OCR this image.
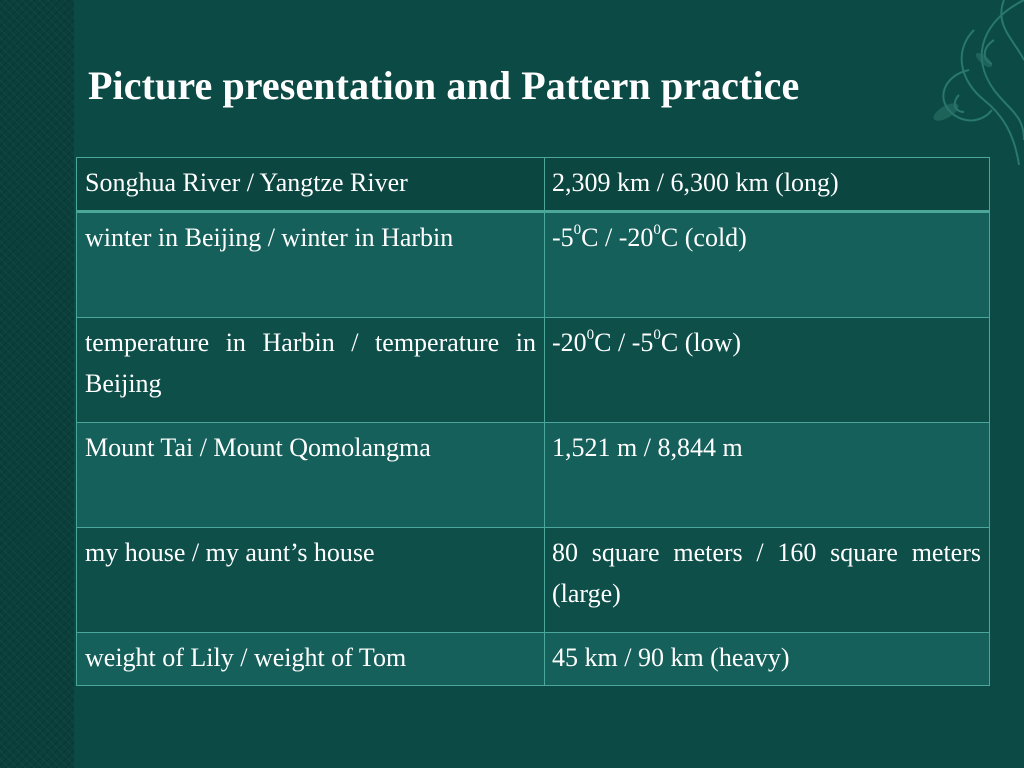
Picture presentation and Pattern practice
Songhua River / Yangtze River	2,309 km / 6,300 km (long)
winter in Beijing / winter in Harbin	$-5^0C / -20^0C$ (cold)
temperature in Harbin / temperature in Beijing	$-20^0C / -5^0C$ (low)
Mount Tai / Mount Qomolangma	1,521 m / 8,844 m
my house / my aunt’s house	80 square meters / 160 square meters (large)
weight of Lily / weight of Tom	45 km / 90 km (heavy)
